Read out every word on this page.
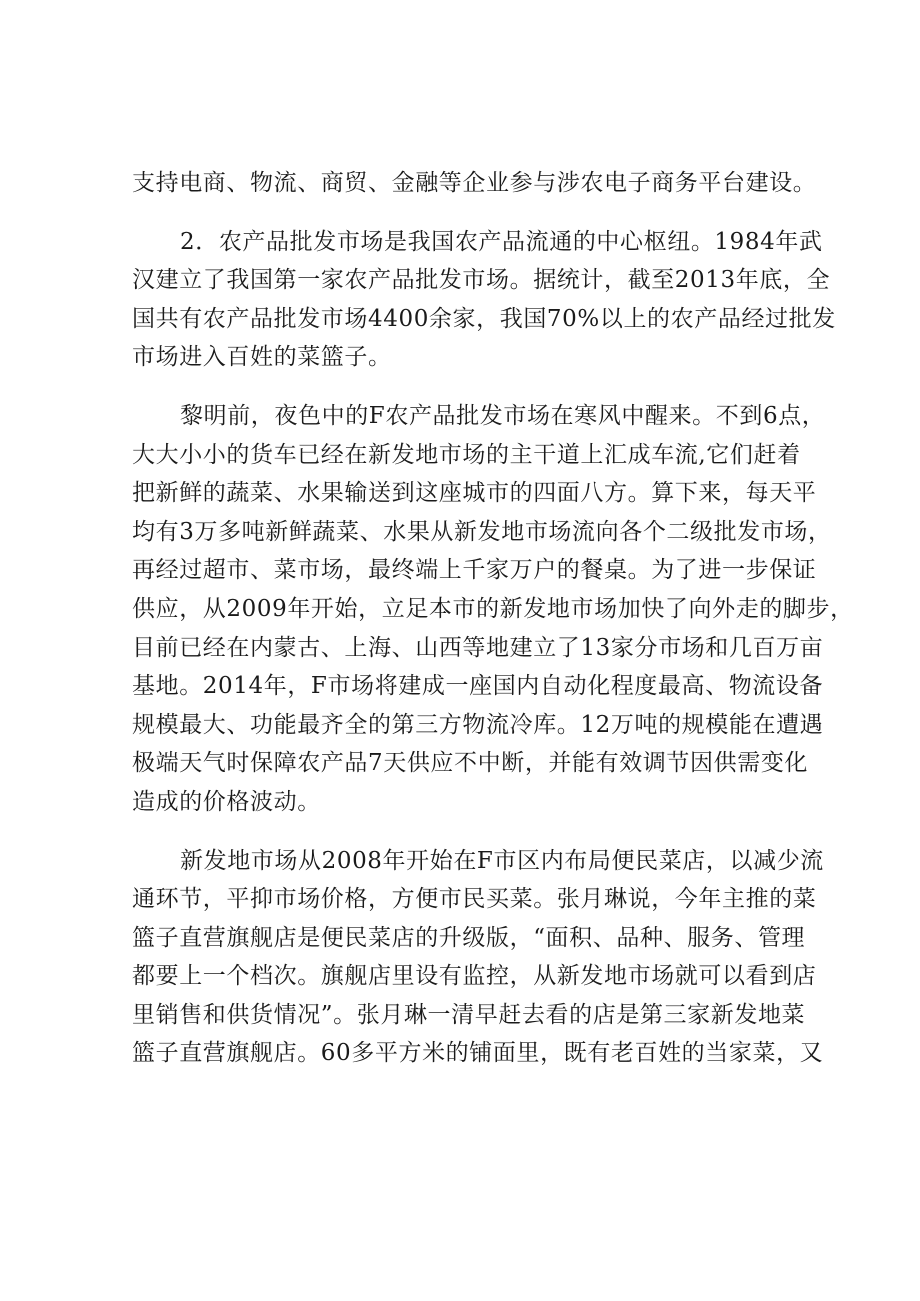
支持电商、物流、商贸、金融等企业参与涉农电子商务平台建设。
2．农产品批发市场是我国农产品流通的中心枢纽。1984年武
汉建立了我国第一家农产品批发市场。据统计，截至2013年底，全
国共有农产品批发市场4400余家，我国70%以上的农产品经过批发
市场进入百姓的菜篮子。
黎明前，夜色中的F农产品批发市场在寒风中醒来。不到6点，
大大小小的货车已经在新发地市场的主干道上汇成车流,它们赶着
把新鲜的蔬菜、水果输送到这座城市的四面八方。算下来，每天平
均有3万多吨新鲜蔬菜、水果从新发地市场流向各个二级批发市场，
再经过超市、菜市场，最终端上千家万户的餐桌。为了进一步保证
供应，从2009年开始，立足本市的新发地市场加快了向外走的脚步，
目前已经在内蒙古、上海、山西等地建立了13家分市场和几百万亩
基地。2014年，F市场将建成一座国内自动化程度最高、物流设备
规模最大、功能最齐全的第三方物流冷库。12万吨的规模能在遭遇
极端天气时保障农产品7天供应不中断，并能有效调节因供需变化
造成的价格波动。
新发地市场从2008年开始在F市区内布局便民菜店，以减少流
通环节，平抑市场价格，方便市民买菜。张月琳说，今年主推的菜
篮子直营旗舰店是便民菜店的升级版，“面积、品种、服务、管理
都要上一个档次。旗舰店里设有监控，从新发地市场就可以看到店
里销售和供货情况”。张月琳一清早赶去看的店是第三家新发地菜
篮子直营旗舰店。60多平方米的铺面里，既有老百姓的当家菜，又
